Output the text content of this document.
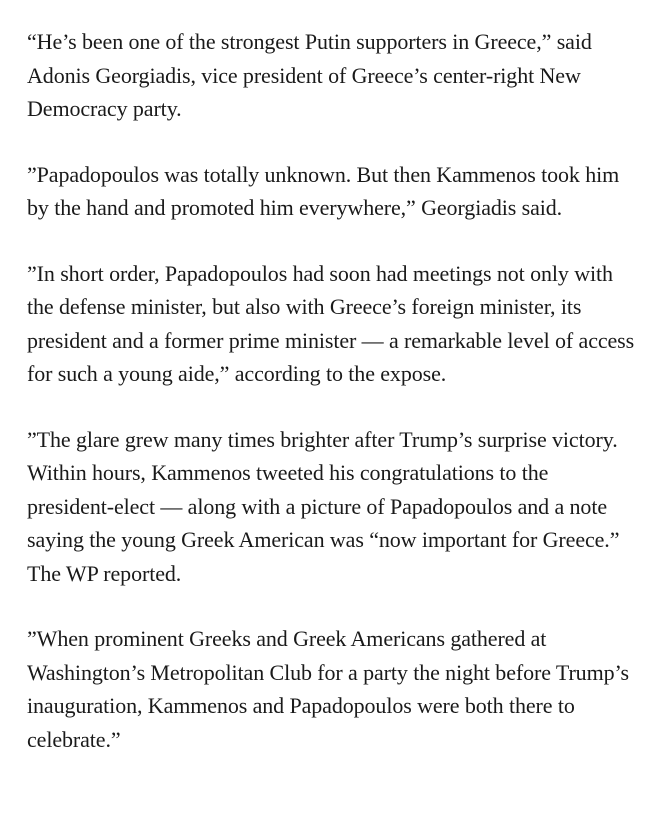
“He’s been one of the strongest Putin supporters in Greece,” said Adonis Georgiadis, vice president of Greece’s center-right New Democracy party.

”Papadopoulos was totally unknown. But then Kammenos took him by the hand and promoted him everywhere,” Georgiadis said.

”In short order, Papadopoulos had soon had meetings not only with the defense minister, but also with Greece’s foreign minister, its president and a former prime minister — a remarkable level of access for such a young aide,” according to the expose.

”The glare grew many times brighter after Trump’s surprise victory. Within hours, Kammenos tweeted his congratulations to the president-elect — along with a picture of Papadopoulos and a note saying the young Greek American was “now important for Greece.” The WP reported.

”When prominent Greeks and Greek Americans gathered at Washington’s Metropolitan Club for a party the night before Trump’s inauguration, Kammenos and Papadopoulos were both there to celebrate.”
